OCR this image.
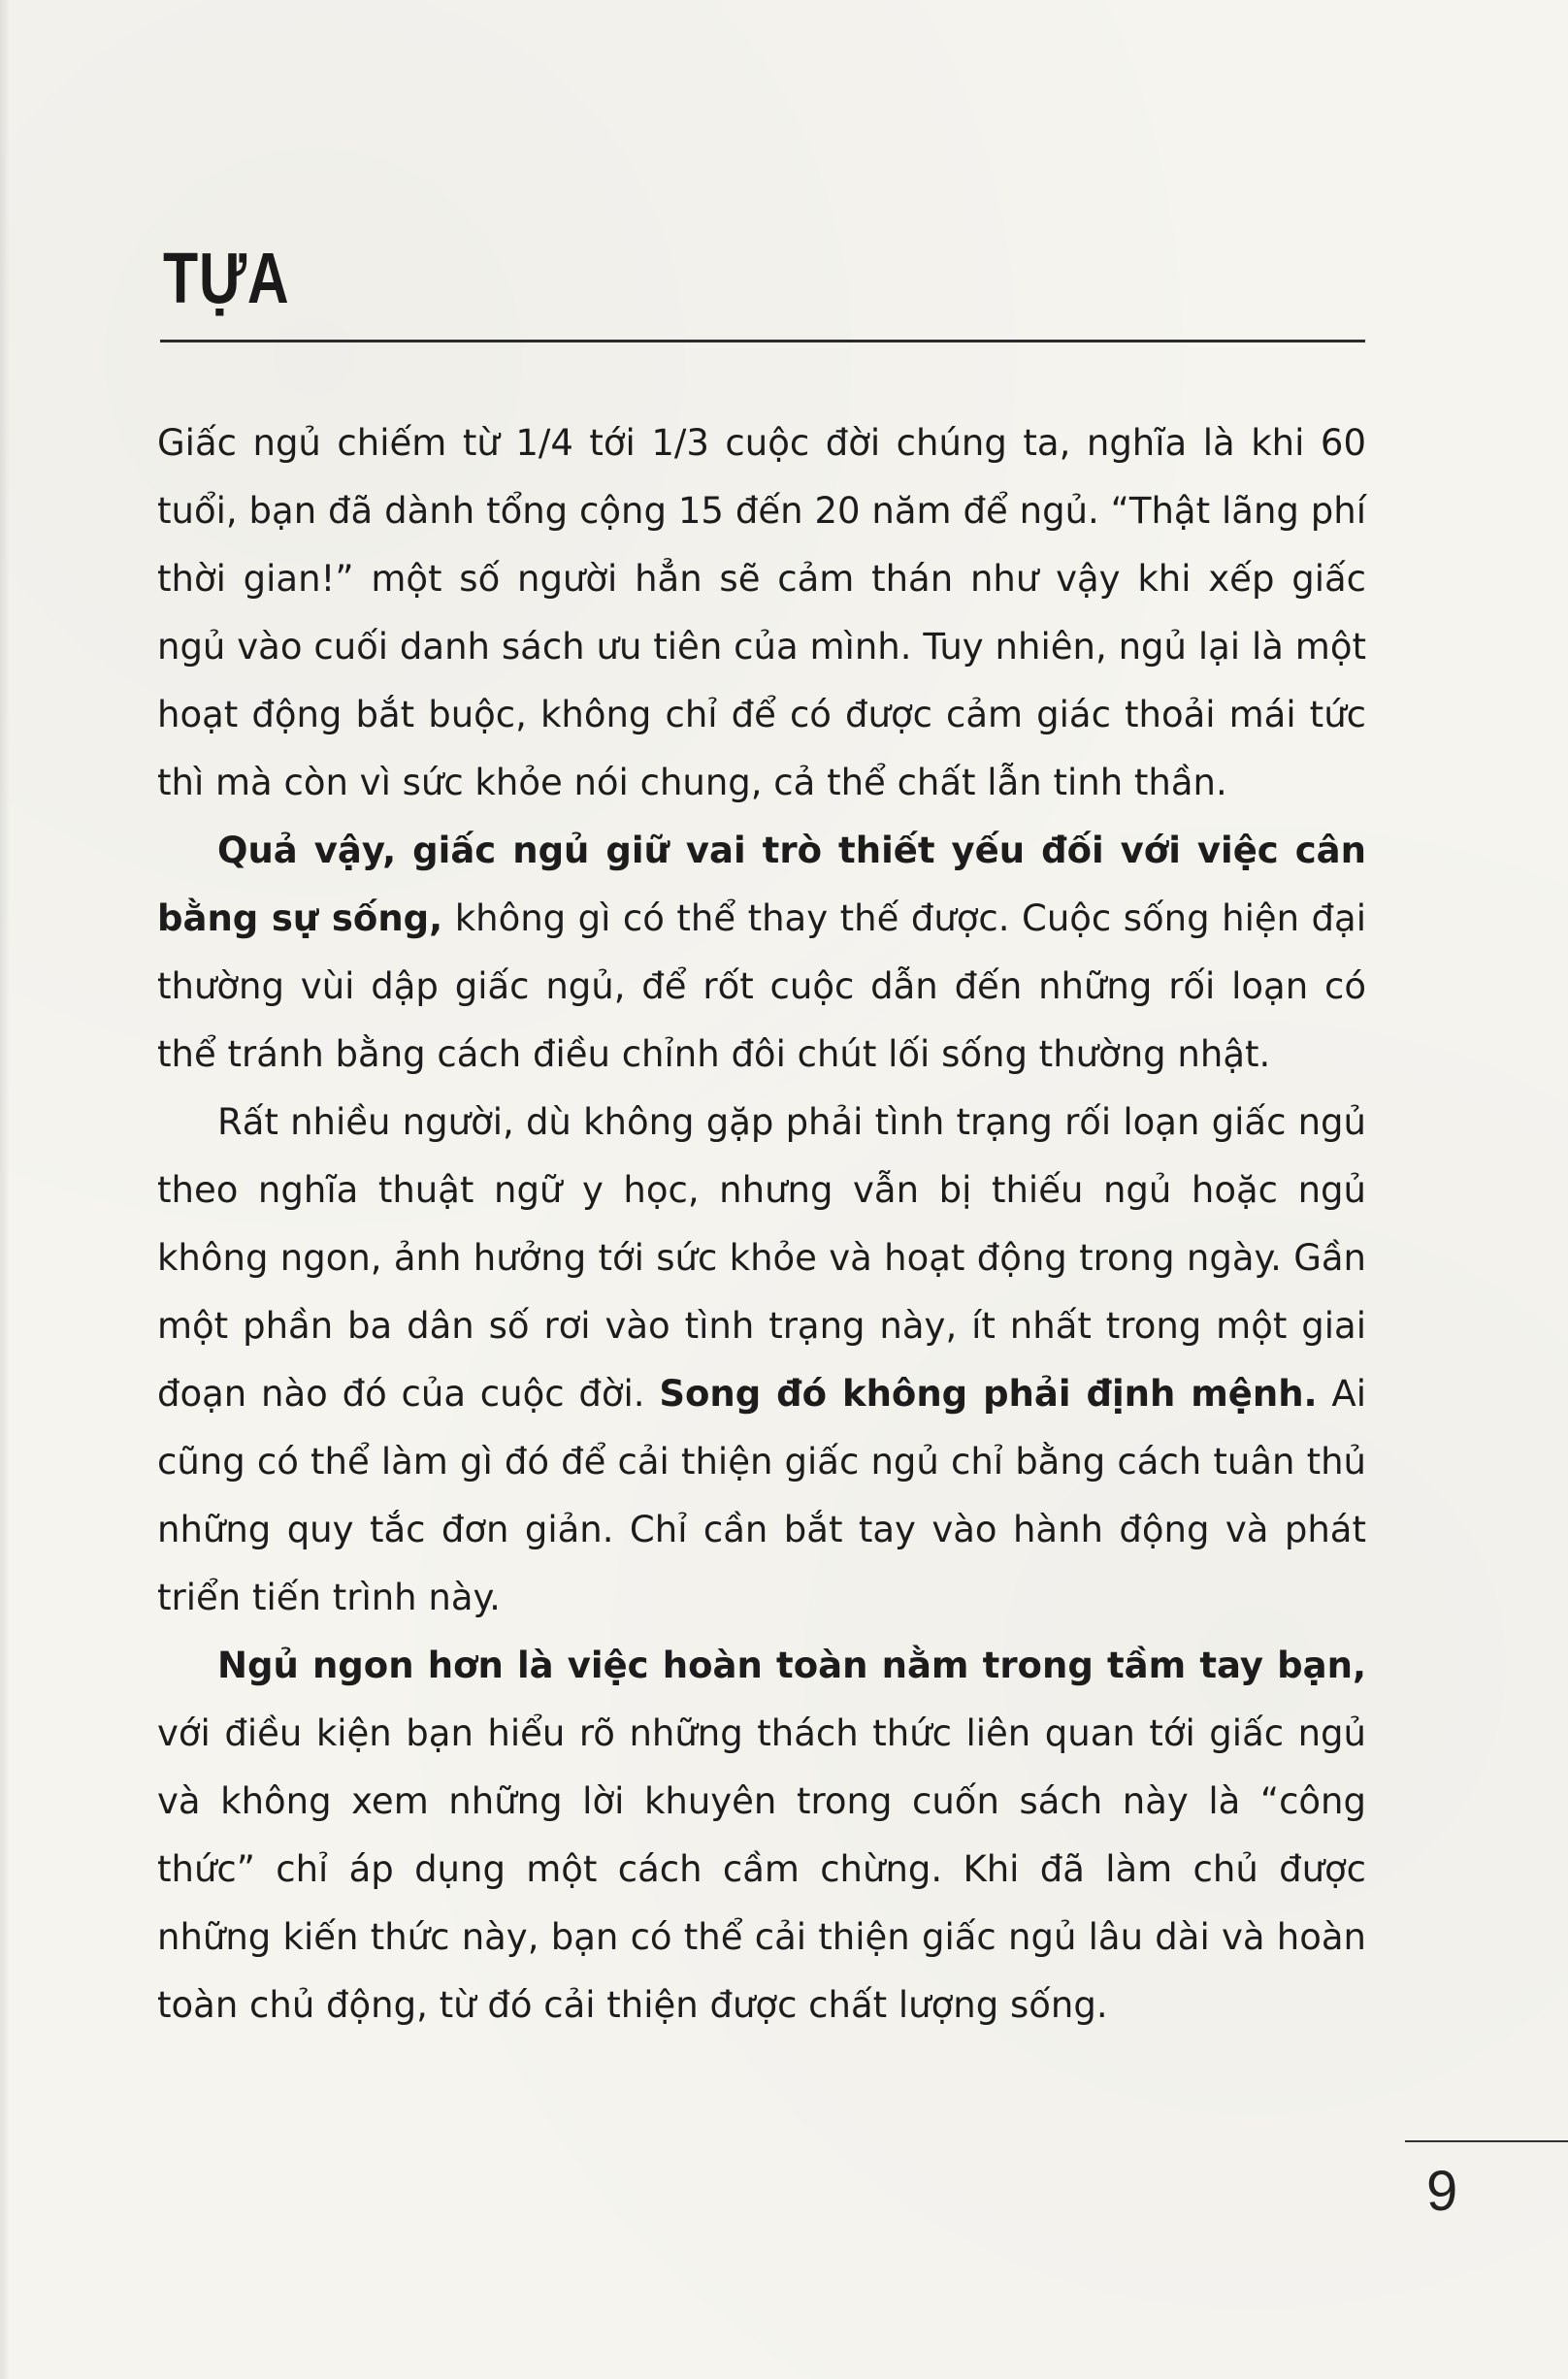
TỰA

Giấc ngủ chiếm từ 1/4 tới 1/3 cuộc đời chúng ta, nghĩa là khi 60 tuổi, bạn đã dành tổng cộng 15 đến 20 năm để ngủ. “Thật lãng phí thời gian!” một số người hẳn sẽ cảm thán như vậy khi xếp giấc ngủ vào cuối danh sách ưu tiên của mình. Tuy nhiên, ngủ lại là một hoạt động bắt buộc, không chỉ để có được cảm giác thoải mái tức thì mà còn vì sức khỏe nói chung, cả thể chất lẫn tinh thần.

Quả vậy, giấc ngủ giữ vai trò thiết yếu đối với việc cân bằng sự sống, không gì có thể thay thế được. Cuộc sống hiện đại thường vùi dập giấc ngủ, để rốt cuộc dẫn đến những rối loạn có thể tránh bằng cách điều chỉnh đôi chút lối sống thường nhật.

Rất nhiều người, dù không gặp phải tình trạng rối loạn giấc ngủ theo nghĩa thuật ngữ y học, nhưng vẫn bị thiếu ngủ hoặc ngủ không ngon, ảnh hưởng tới sức khỏe và hoạt động trong ngày. Gần một phần ba dân số rơi vào tình trạng này, ít nhất trong một giai đoạn nào đó của cuộc đời. Song đó không phải định mệnh. Ai cũng có thể làm gì đó để cải thiện giấc ngủ chỉ bằng cách tuân thủ những quy tắc đơn giản. Chỉ cần bắt tay vào hành động và phát triển tiến trình này.

Ngủ ngon hơn là việc hoàn toàn nằm trong tầm tay bạn, với điều kiện bạn hiểu rõ những thách thức liên quan tới giấc ngủ và không xem những lời khuyên trong cuốn sách này là “công thức” chỉ áp dụng một cách cầm chừng. Khi đã làm chủ được những kiến thức này, bạn có thể cải thiện giấc ngủ lâu dài và hoàn toàn chủ động, từ đó cải thiện được chất lượng sống.

9
